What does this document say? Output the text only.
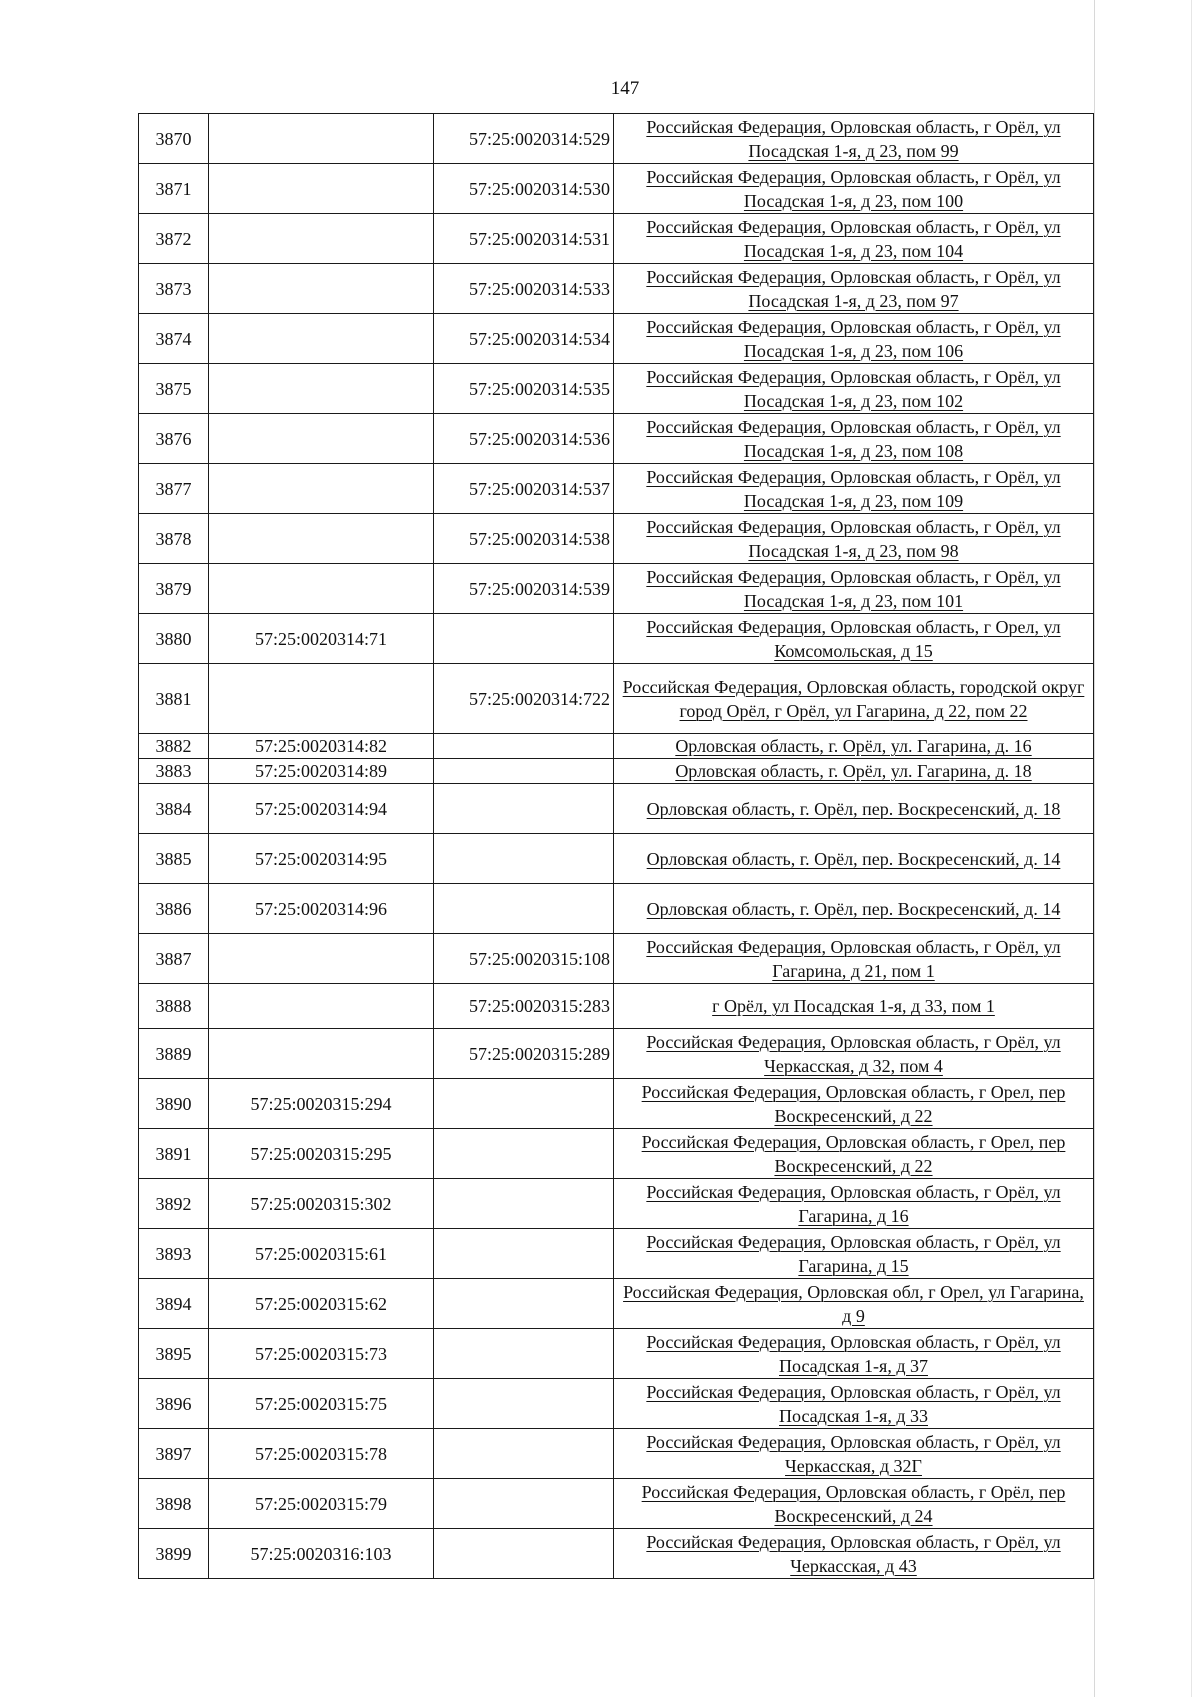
147
3870		57:25:0020314:529	Российская Федерация, Орловская область, г Орёл, ул Посадская 1-я, д 23, пом 99
3871		57:25:0020314:530	Российская Федерация, Орловская область, г Орёл, ул Посадская 1-я, д 23, пом 100
3872		57:25:0020314:531	Российская Федерация, Орловская область, г Орёл, ул Посадская 1-я, д 23, пом 104
3873		57:25:0020314:533	Российская Федерация, Орловская область, г Орёл, ул Посадская 1-я, д 23, пом 97
3874		57:25:0020314:534	Российская Федерация, Орловская область, г Орёл, ул Посадская 1-я, д 23, пом 106
3875		57:25:0020314:535	Российская Федерация, Орловская область, г Орёл, ул Посадская 1-я, д 23, пом 102
3876		57:25:0020314:536	Российская Федерация, Орловская область, г Орёл, ул Посадская 1-я, д 23, пом 108
3877		57:25:0020314:537	Российская Федерация, Орловская область, г Орёл, ул Посадская 1-я, д 23, пом 109
3878		57:25:0020314:538	Российская Федерация, Орловская область, г Орёл, ул Посадская 1-я, д 23, пом 98
3879		57:25:0020314:539	Российская Федерация, Орловская область, г Орёл, ул Посадская 1-я, д 23, пом 101
3880	57:25:0020314:71		Российская Федерация, Орловская область, г Орел, ул Комсомольская, д 15
3881		57:25:0020314:722	Российская Федерация, Орловская область, городской округ город Орёл, г Орёл, ул Гагарина, д 22, пом 22
3882	57:25:0020314:82		Орловская область, г. Орёл, ул. Гагарина, д. 16
3883	57:25:0020314:89		Орловская область, г. Орёл, ул. Гагарина, д. 18
3884	57:25:0020314:94		Орловская область, г. Орёл, пер. Воскресенский, д. 18
3885	57:25:0020314:95		Орловская область, г. Орёл, пер. Воскресенский, д. 14
3886	57:25:0020314:96		Орловская область, г. Орёл, пер. Воскресенский, д. 14
3887		57:25:0020315:108	Российская Федерация, Орловская область, г Орёл, ул Гагарина, д 21, пом 1
3888		57:25:0020315:283	г Орёл, ул Посадская 1-я, д 33, пом 1
3889		57:25:0020315:289	Российская Федерация, Орловская область, г Орёл, ул Черкасская, д 32, пом 4
3890	57:25:0020315:294		Российская Федерация, Орловская область, г Орел, пер Воскресенский, д 22
3891	57:25:0020315:295		Российская Федерация, Орловская область, г Орел, пер Воскресенский, д 22
3892	57:25:0020315:302		Российская Федерация, Орловская область, г Орёл, ул Гагарина, д 16
3893	57:25:0020315:61		Российская Федерация, Орловская область, г Орёл, ул Гагарина, д 15
3894	57:25:0020315:62		Российская Федерация, Орловская обл, г Орел, ул Гагарина, д 9
3895	57:25:0020315:73		Российская Федерация, Орловская область, г Орёл, ул Посадская 1-я, д 37
3896	57:25:0020315:75		Российская Федерация, Орловская область, г Орёл, ул Посадская 1-я, д 33
3897	57:25:0020315:78		Российская Федерация, Орловская область, г Орёл, ул Черкасская, д 32Г
3898	57:25:0020315:79		Российская Федерация, Орловская область, г Орёл, пер Воскресенский, д 24
3899	57:25:0020316:103		Российская Федерация, Орловская область, г Орёл, ул Черкасская, д 43
